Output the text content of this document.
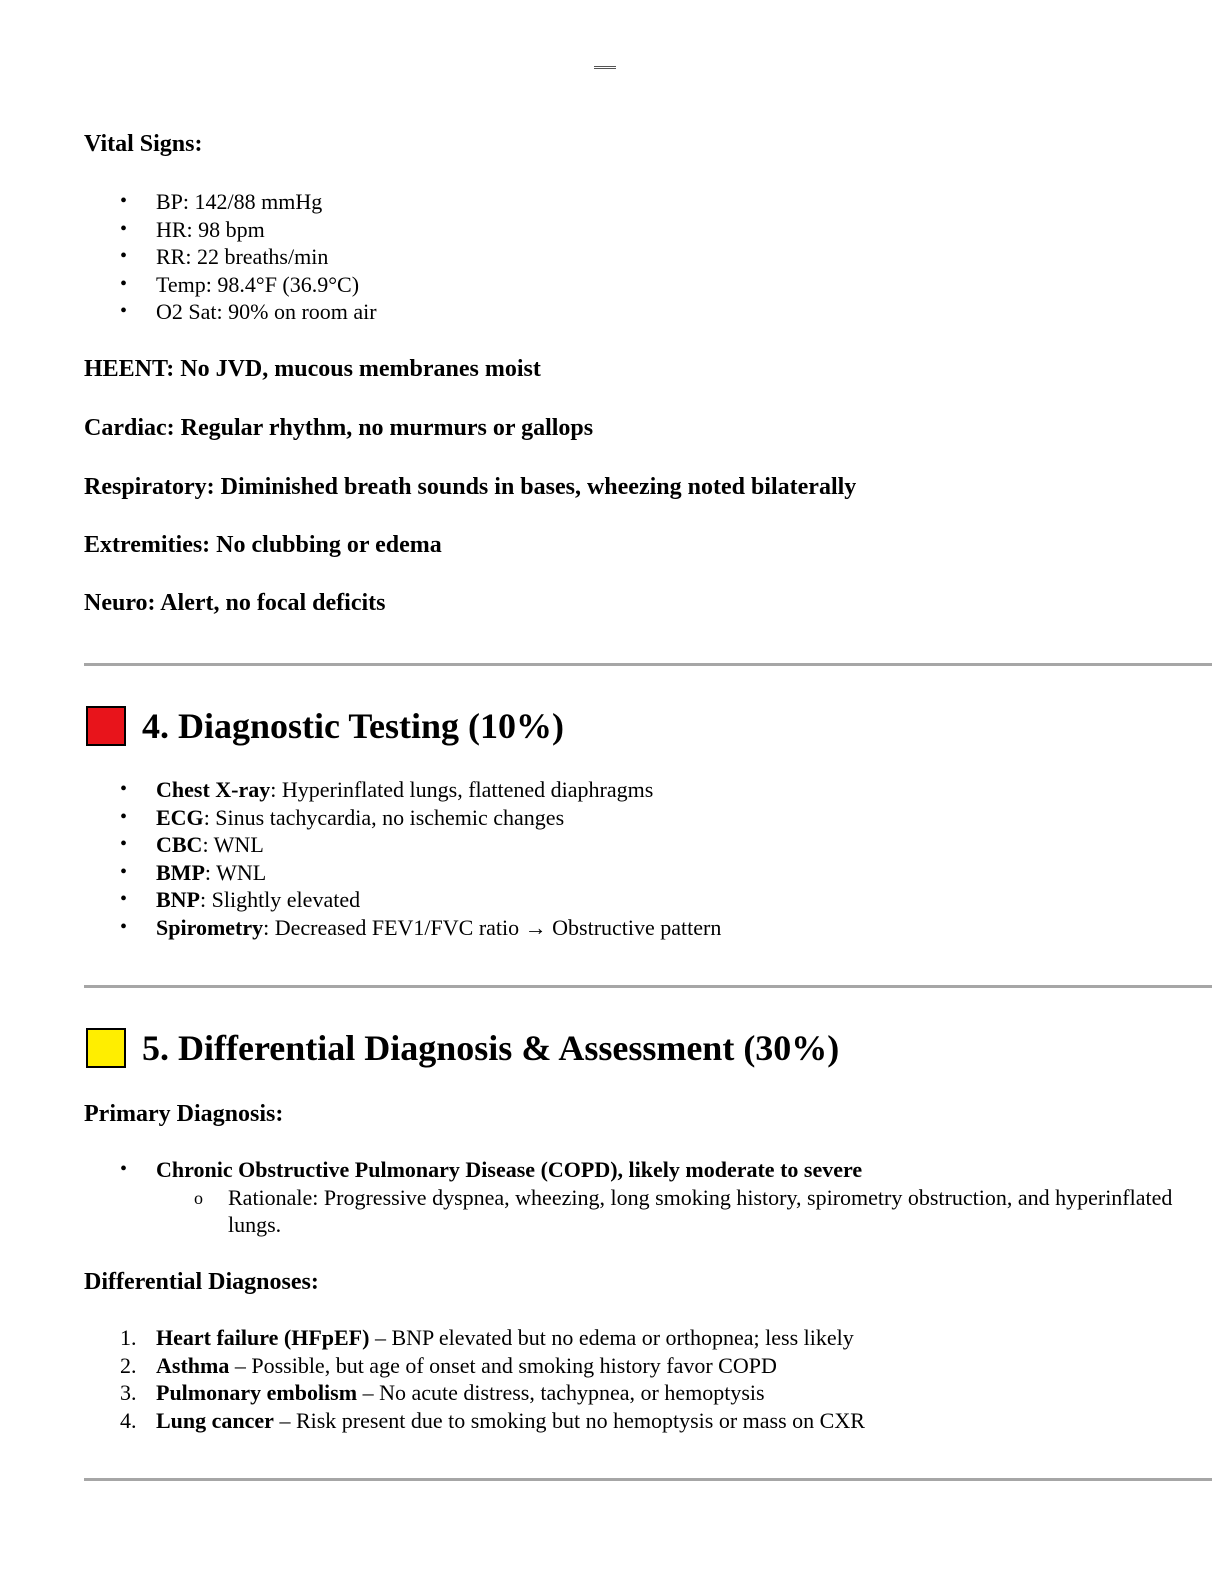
Vital Signs:

• BP: 142/88 mmHg
• HR: 98 bpm
• RR: 22 breaths/min
• Temp: 98.4°F (36.9°C)
• O2 Sat: 90% on room air

HEENT: No JVD, mucous membranes moist

Cardiac: Regular rhythm, no murmurs or gallops

Respiratory: Diminished breath sounds in bases, wheezing noted bilaterally

Extremities: No clubbing or edema

Neuro: Alert, no focal deficits

4. Diagnostic Testing (10%)
• Chest X-ray: Hyperinflated lungs, flattened diaphragms
• ECG: Sinus tachycardia, no ischemic changes
• CBC: WNL
• BMP: WNL
• BNP: Slightly elevated
• Spirometry: Decreased FEV1/FVC ratio → Obstructive pattern
5. Differential Diagnosis & Assessment (30%)

Primary Diagnosis:

• Chronic Obstructive Pulmonary Disease (COPD), likely moderate to severe
o Rationale: Progressive dyspnea, wheezing, long smoking history, spirometry obstruction, and hyperinflated lungs.

Differential Diagnoses:

1. Heart failure (HFpEF) – BNP elevated but no edema or orthopnea; less likely
2. Asthma – Possible, but age of onset and smoking history favor COPD
3. Pulmonary embolism – No acute distress, tachypnea, or hemoptysis
4. Lung cancer – Risk present due to smoking but no hemoptysis or mass on CXR
